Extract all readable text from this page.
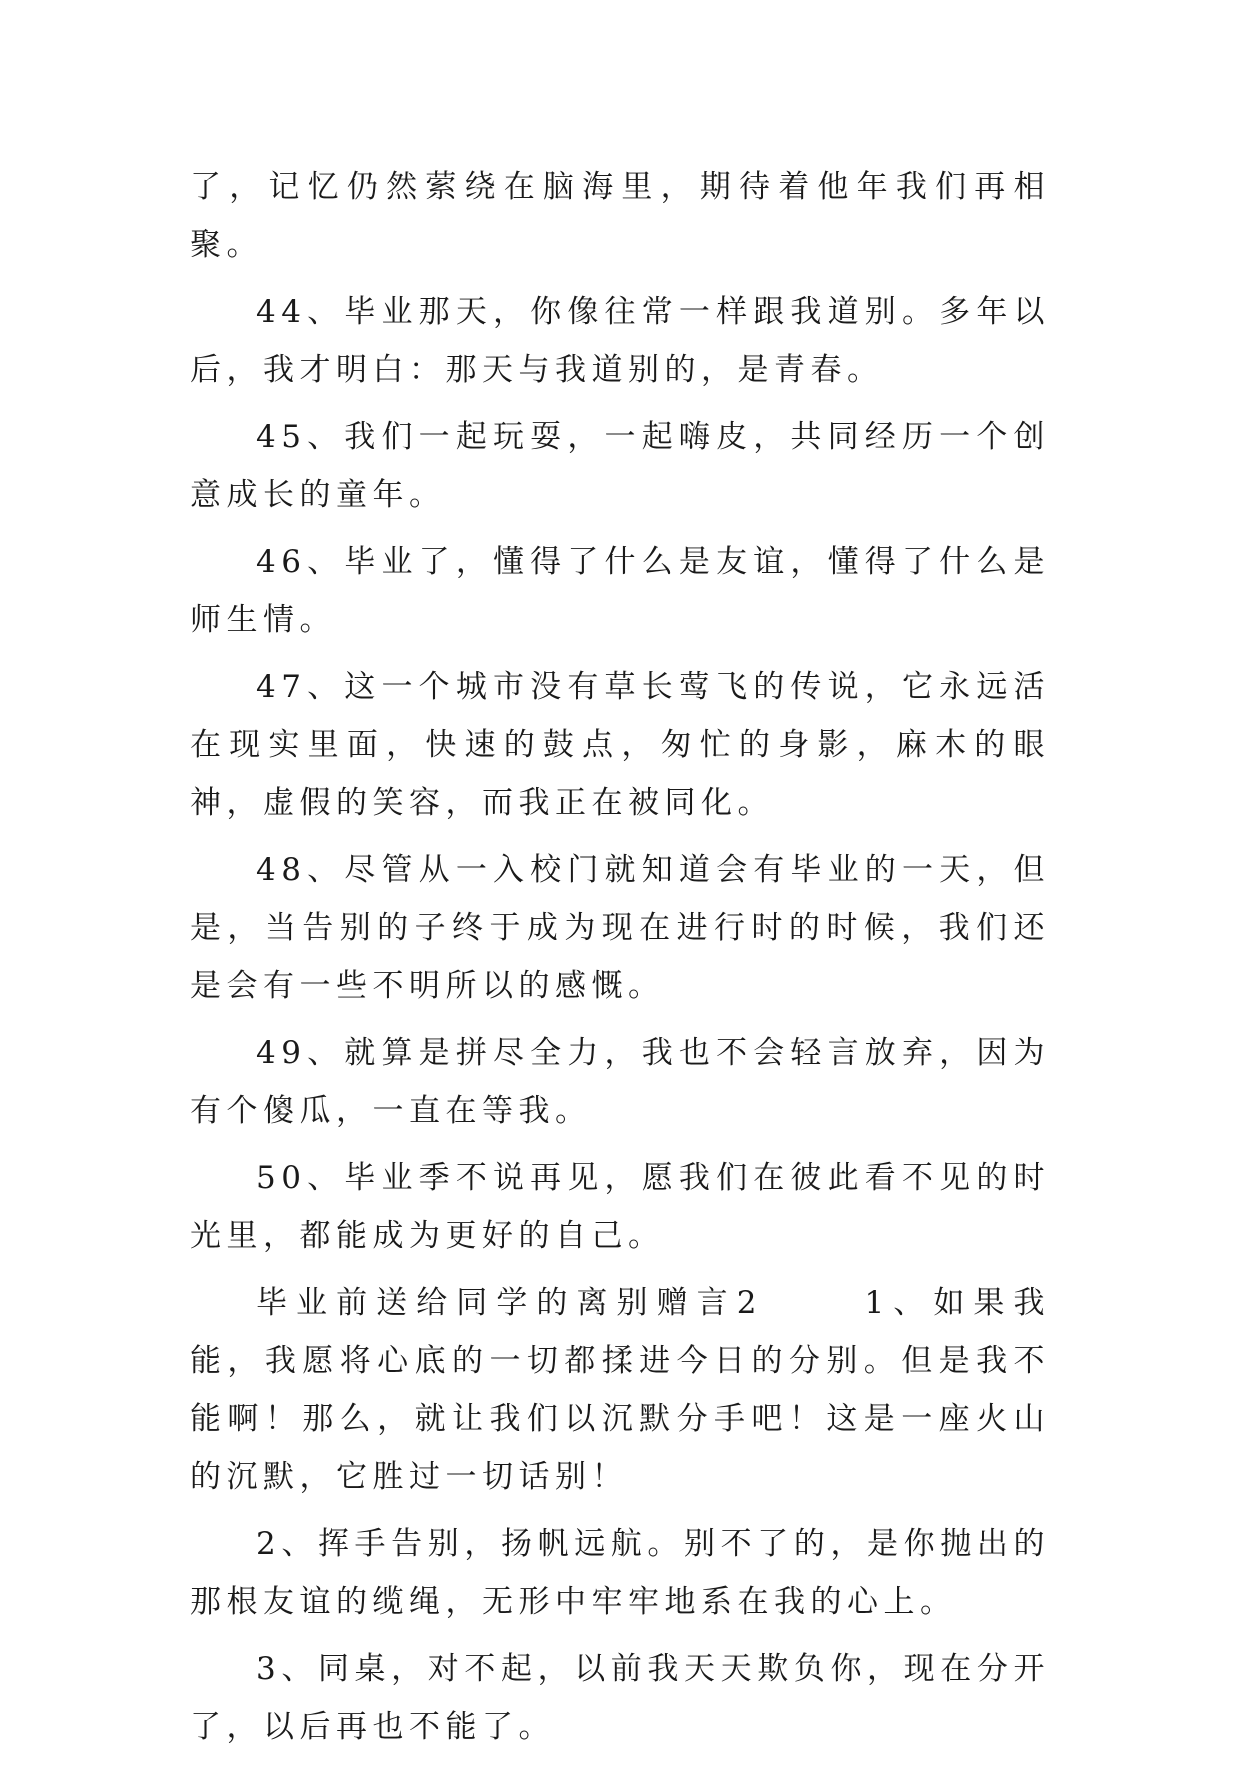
了，记忆仍然萦绕在脑海里，期待着他年我们再相聚。

44、毕业那天，你像往常一样跟我道别。多年以后，我才明白：那天与我道别的，是青春。

45、我们一起玩耍，一起嗨皮，共同经历一个创意成长的童年。

46、毕业了，懂得了什么是友谊，懂得了什么是师生情。

47、这一个城市没有草长莺飞的传说，它永远活在现实里面，快速的鼓点，匆忙的身影，麻木的眼神，虚假的笑容，而我正在被同化。

48、尽管从一入校门就知道会有毕业的一天，但是，当告别的子终于成为现在进行时的时候，我们还是会有一些不明所以的感慨。

49、就算是拼尽全力，我也不会轻言放弃，因为有个傻瓜，一直在等我。

50、毕业季不说再见，愿我们在彼此看不见的时光里，都能成为更好的自己。

毕业前送给同学的离别赠言2　　 1、如果我能，我愿将心底的一切都揉进今日的分别。但是我不能啊！那么，就让我们以沉默分手吧！这是一座火山的沉默，它胜过一切话别！

2、挥手告别，扬帆远航。别不了的，是你抛出的那根友谊的缆绳，无形中牢牢地系在我的心上。

3、同桌，对不起，以前我天天欺负你，现在分开了，以后再也不能了。
